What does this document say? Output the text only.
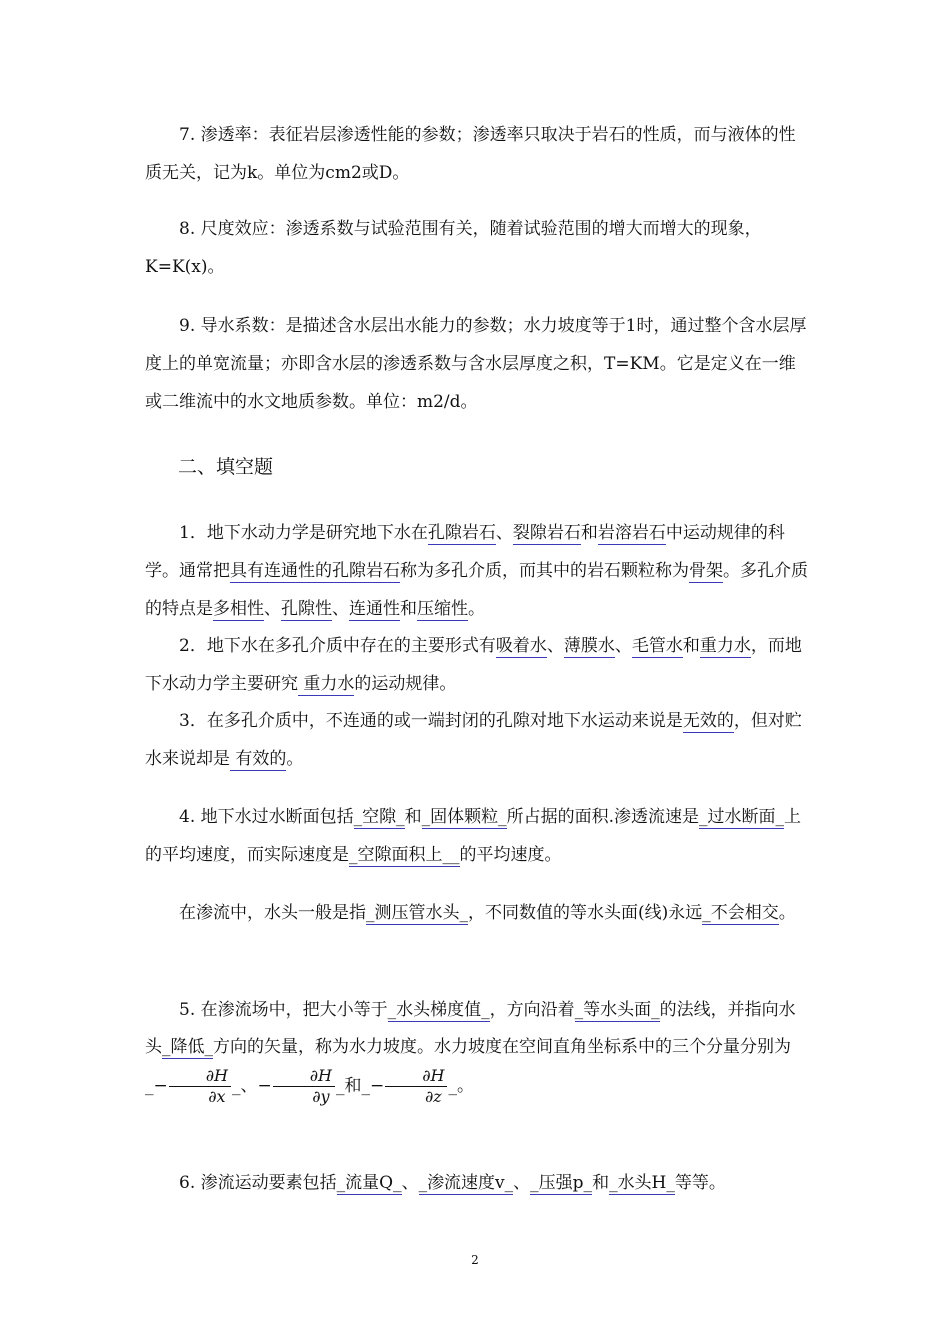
7. 渗透率：表征岩层渗透性能的参数；渗透率只取决于岩石的性质，而与液体的性质无关，记为k。单位为cm2或D。

8. 尺度效应：渗透系数与试验范围有关，随着试验范围的增大而增大的现象，K=K(x)。

9. 导水系数：是描述含水层出水能力的参数；水力坡度等于1时，通过整个含水层厚度上的单宽流量；亦即含水层的渗透系数与含水层厚度之积，T=KM。它是定义在一维或二维流中的水文地质参数。单位：m2/d。

二、填空题

1．地下水动力学是研究地下水在孔隙岩石、裂隙岩石和岩溶岩石中运动规律的科学。通常把具有连通性的孔隙岩石称为多孔介质，而其中的岩石颗粒称为骨架。多孔介质的特点是多相性、孔隙性、连通性和压缩性。

2．地下水在多孔介质中存在的主要形式有吸着水、薄膜水、毛管水和重力水，而地下水动力学主要研究 重力水的运动规律。

3．在多孔介质中，不连通的或一端封闭的孔隙对地下水运动来说是无效的，但对贮水来说却是 有效的。

4. 地下水过水断面包括_空隙_和_固体颗粒_所占据的面积.渗透流速是_过水断面_上的平均速度，而实际速度是_空隙面积上__的平均速度。

在渗流中，水头一般是指_测压管水头_，不同数值的等水头面(线)永远_不会相交。

5. 在渗流场中，把大小等于_水头梯度值_，方向沿着_等水头面_的法线，并指向水头_降低_方向的矢量，称为水力坡度。水力坡度在空间直角坐标系中的三个分量分别为_− $\frac{\partial H}{\partial x}$ _、− $\frac{\partial H}{\partial y}$ _和_− $\frac{\partial H}{\partial z}$ _。

6. 渗流运动要素包括_流量Q_、_渗流速度v_、_压强p_和_水头H_等等。

2
